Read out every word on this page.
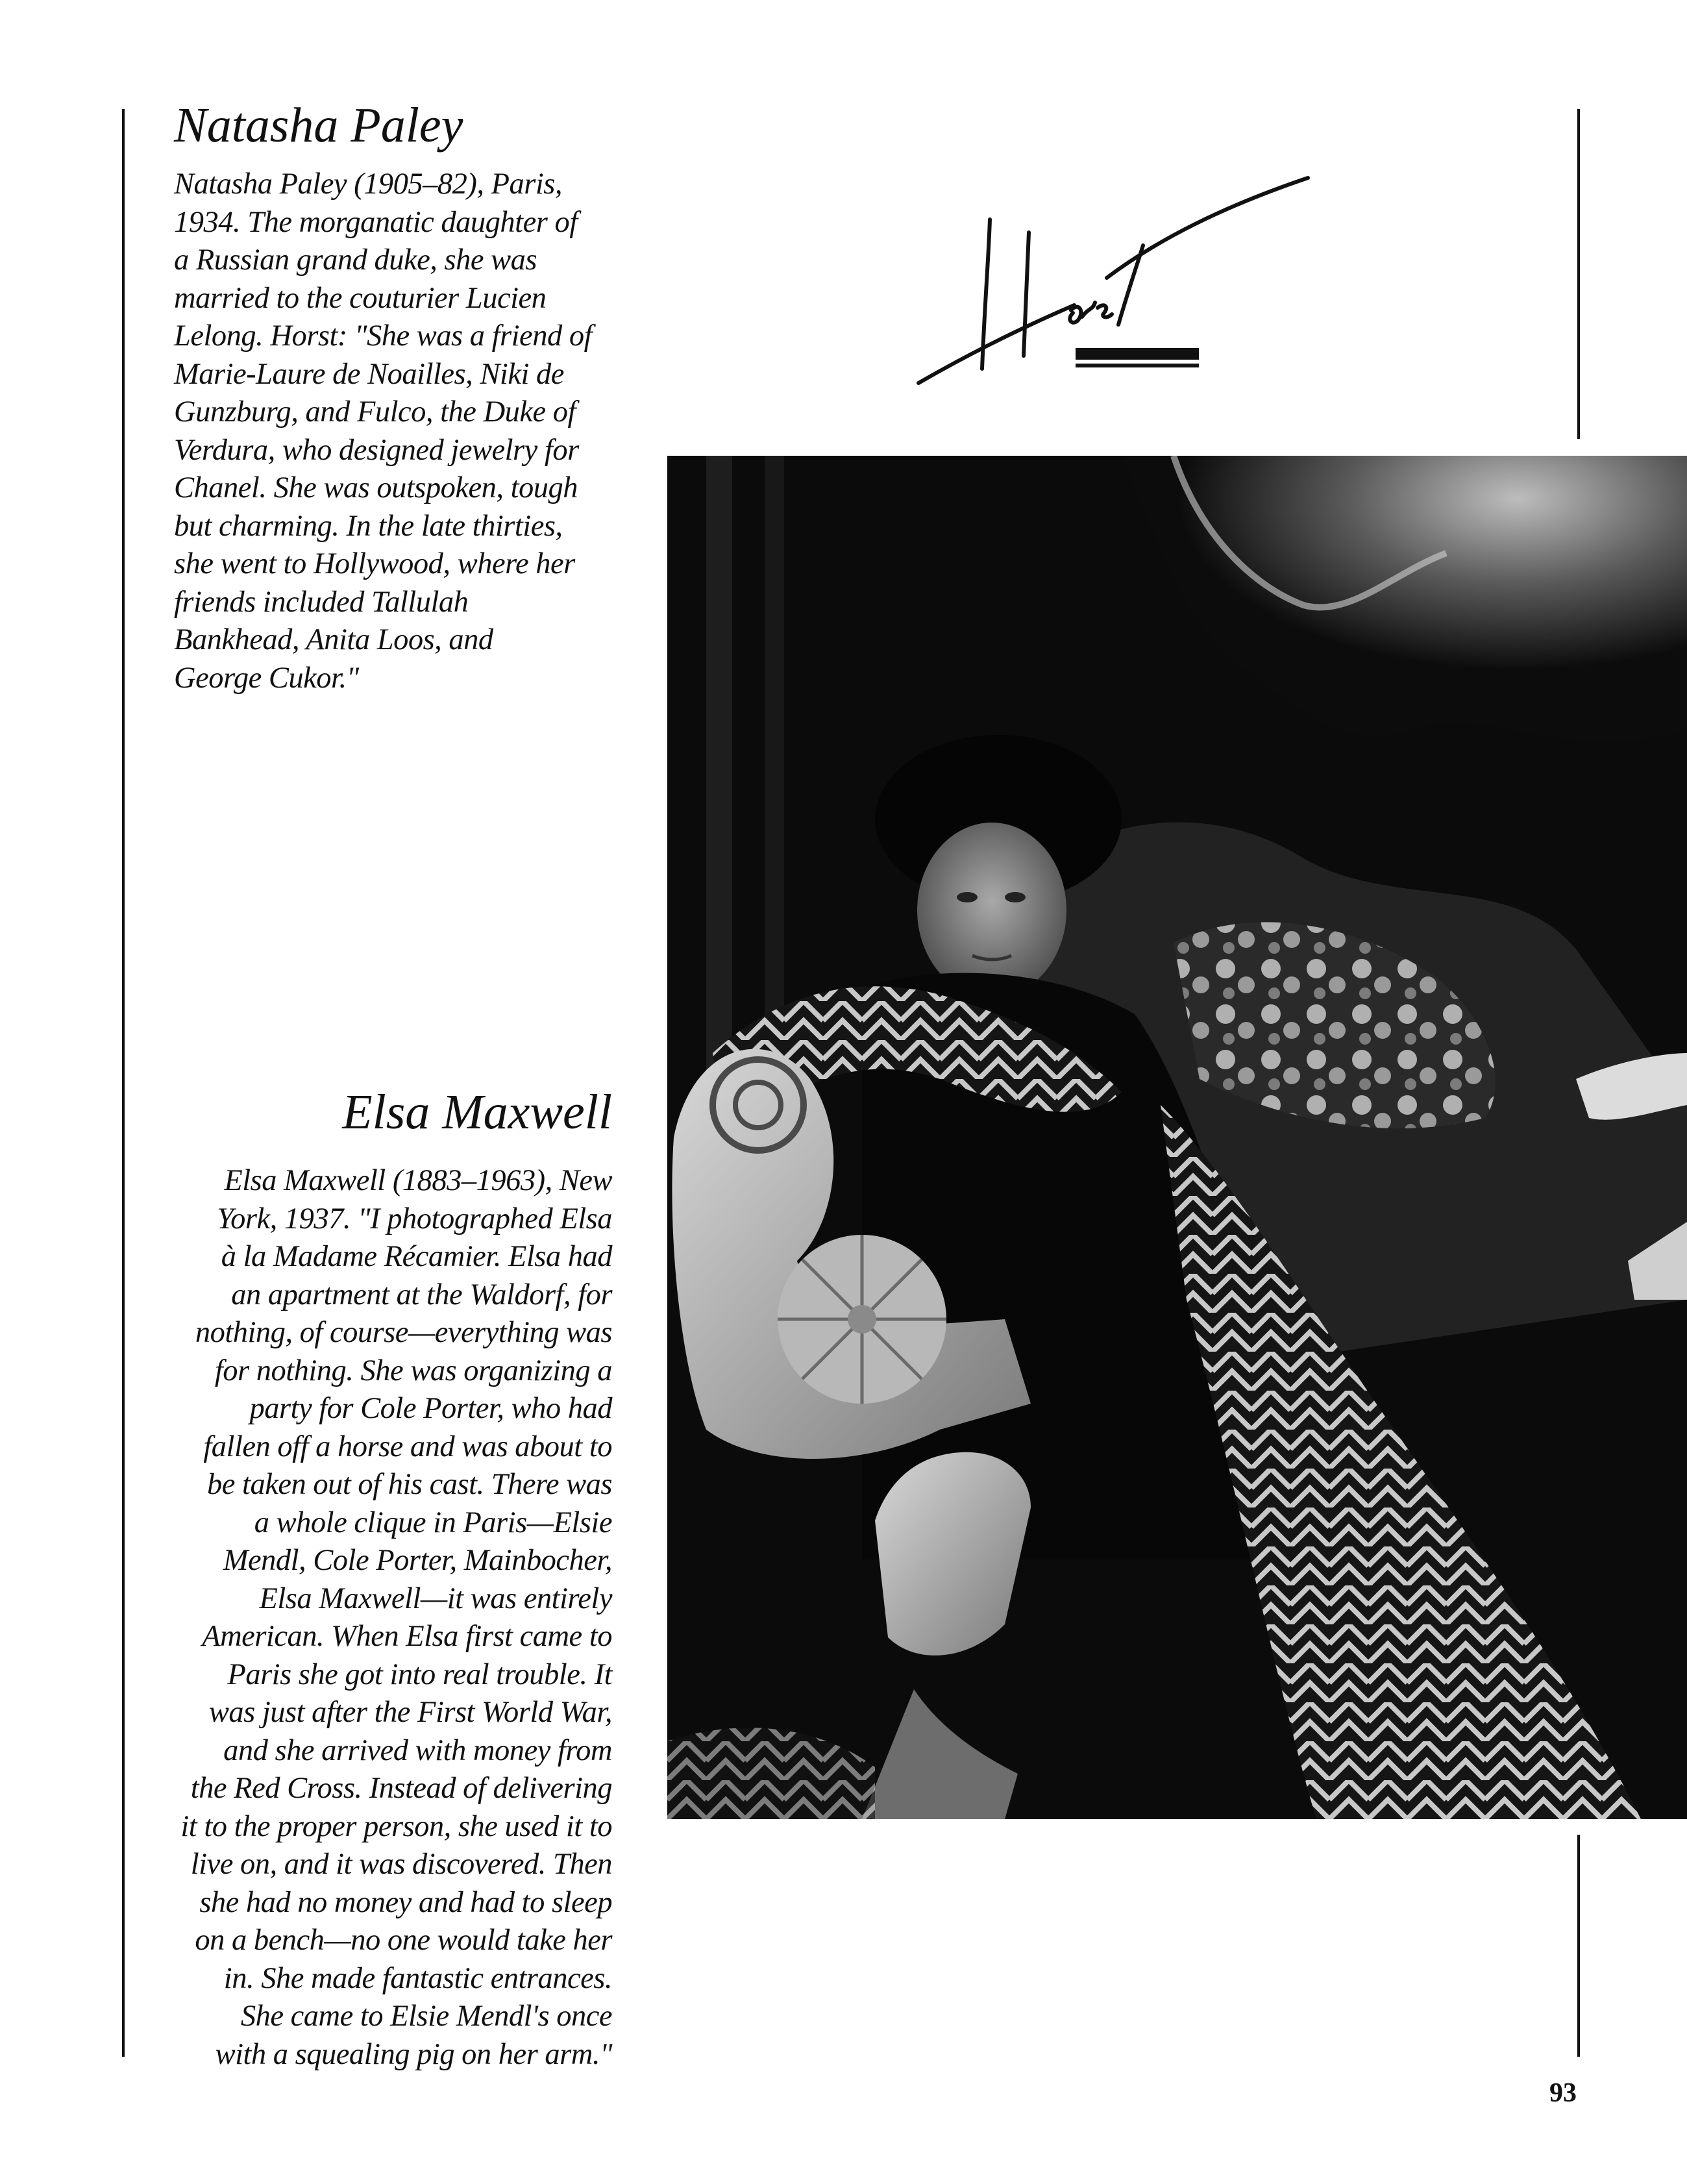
Natasha Paley
Natasha Paley (1905–82), Paris,
1934. The morganatic daughter of
a Russian grand duke, she was
married to the couturier Lucien
Lelong. Horst: "She was a friend of
Marie-Laure de Noailles, Niki de
Gunzburg, and Fulco, the Duke of
Verdura, who designed jewelry for
Chanel. She was outspoken, tough
but charming. In the late thirties,
she went to Hollywood, where her
friends included Tallulah
Bankhead, Anita Loos, and
George Cukor."
Elsa Maxwell
Elsa Maxwell (1883–1963), New
York, 1937. "I photographed Elsa
à la Madame Récamier. Elsa had
an apartment at the Waldorf, for
nothing, of course—everything was
for nothing. She was organizing a
party for Cole Porter, who had
fallen off a horse and was about to
be taken out of his cast. There was
a whole clique in Paris—Elsie
Mendl, Cole Porter, Mainbocher,
Elsa Maxwell—it was entirely
American. When Elsa first came to
Paris she got into real trouble. It
was just after the First World War,
and she arrived with money from
the Red Cross. Instead of delivering
it to the proper person, she used it to
live on, and it was discovered. Then
she had no money and had to sleep
on a bench—no one would take her
in. She made fantastic entrances.
She came to Elsie Mendl's once
with a squealing pig on her arm."

93
